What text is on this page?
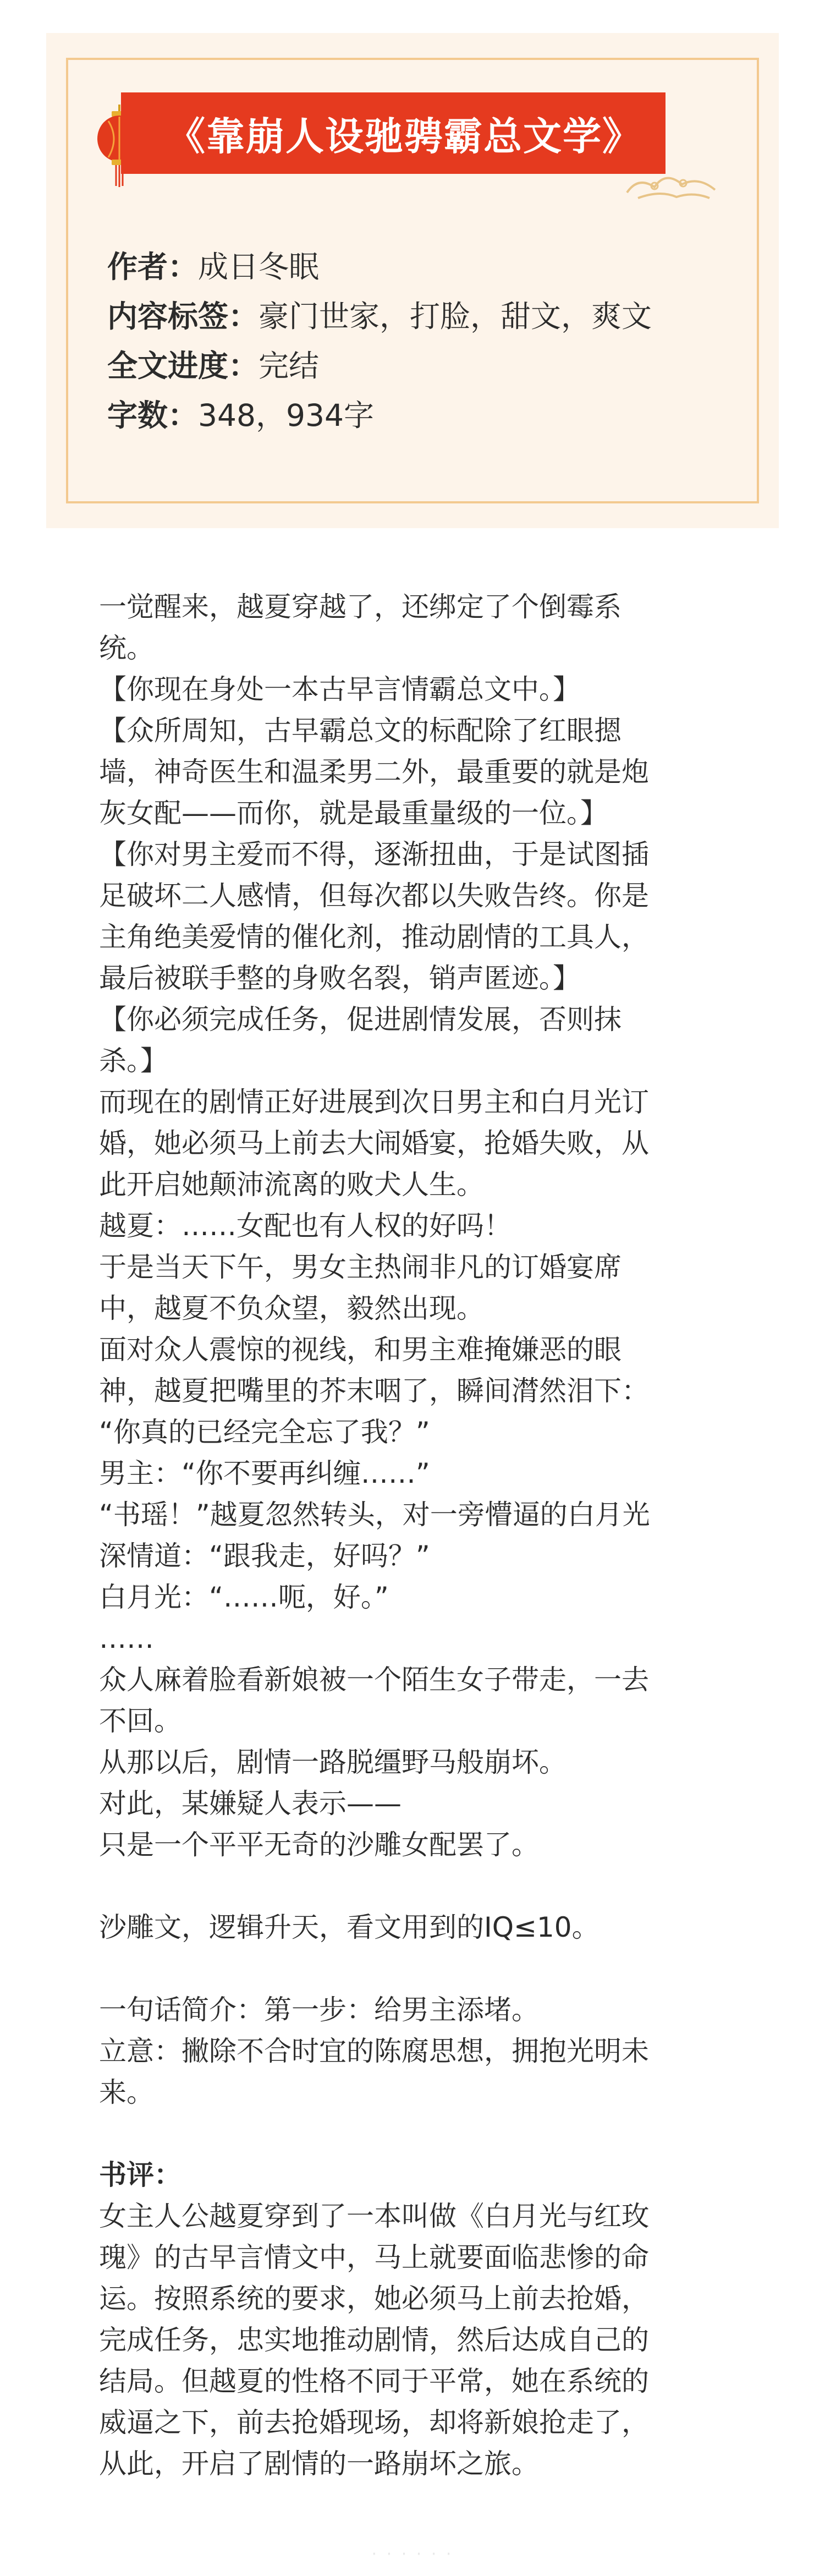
《靠崩人设驰骋霸总文学》
作者：成日冬眠
内容标签：豪门世家，打脸，甜文，爽文
全文进度：完结
字数：348，934字
一觉醒来，越夏穿越了，还绑定了个倒霉系
统。
【你现在身处一本古早言情霸总文中。】
【众所周知，古早霸总文的标配除了红眼摁
墙，神奇医生和温柔男二外，最重要的就是炮
灰女配——而你，就是最重量级的一位。】
【你对男主爱而不得，逐渐扭曲，于是试图插
足破坏二人感情，但每次都以失败告终。你是
主角绝美爱情的催化剂，推动剧情的工具人，
最后被联手整的身败名裂，销声匿迹。】
【你必须完成任务，促进剧情发展，否则抹
杀。】
而现在的剧情正好进展到次日男主和白月光订
婚，她必须马上前去大闹婚宴，抢婚失败，从
此开启她颠沛流离的败犬人生。
越夏：……女配也有人权的好吗！
于是当天下午，男女主热闹非凡的订婚宴席
中，越夏不负众望，毅然出现。
面对众人震惊的视线，和男主难掩嫌恶的眼
神，越夏把嘴里的芥末咽了，瞬间潸然泪下：
“你真的已经完全忘了我？”
男主：“你不要再纠缠……”
“书瑶！”越夏忽然转头，对一旁懵逼的白月光
深情道：“跟我走，好吗？”
白月光：“……呃，好。”
……
众人麻着脸看新娘被一个陌生女子带走，一去
不回。
从那以后，剧情一路脱缰野马般崩坏。
对此，某嫌疑人表示——
只是一个平平无奇的沙雕女配罢了。
沙雕文，逻辑升天，看文用到的IQ≤10。
一句话简介：第一步：给男主添堵。
立意：撇除不合时宜的陈腐思想，拥抱光明未
来。
书评：
女主人公越夏穿到了一本叫做《白月光与红玫
瑰》的古早言情文中，马上就要面临悲惨的命
运。按照系统的要求，她必须马上前去抢婚，
完成任务，忠实地推动剧情，然后达成自己的
结局。但越夏的性格不同于平常，她在系统的
威逼之下，前去抢婚现场，却将新娘抢走了，
从此，开启了剧情的一路崩坏之旅。
· · · · · ·
